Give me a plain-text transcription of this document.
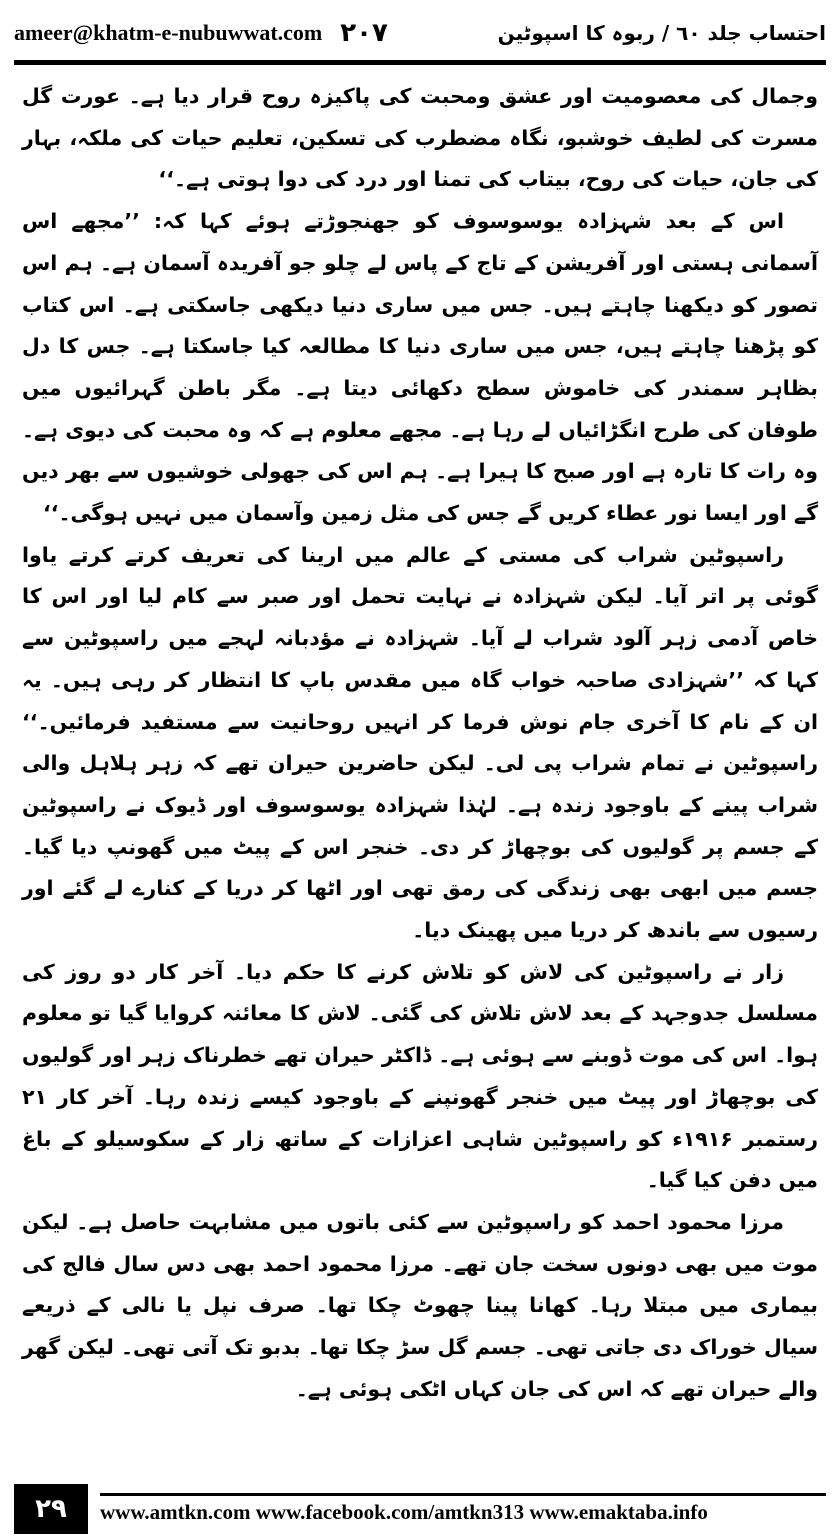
ameer@khatm-e-nubuwwat.com ۲۰۷	احتساب جلد ٦٠ / ربوہ کا اسپوٹین

وجمال کی معصومیت اور عشق ومحبت کی پاکیزہ روح قرار دیا ہے۔ عورت گل مسرت کی لطیف خوشبو، نگاہ مضطرب کی تسکین، تعلیم حیات کی ملکہ، بہار کی جان، حیات کی روح، بیتاب کی تمنا اور درد کی دوا ہوتی ہے۔‘‘

اس کے بعد شہزادہ یوسوسوف کو جھنجوڑتے ہوئے کہا کہ: ’’مجھے اس آسمانی ہستی اور آفریشن کے تاج کے پاس لے چلو جو آفریدہ آسمان ہے۔ ہم اس تصور کو دیکھنا چاہتے ہیں۔ جس میں ساری دنیا دیکھی جاسکتی ہے۔ اس کتاب کو پڑھنا چاہتے ہیں، جس میں ساری دنیا کا مطالعہ کیا جاسکتا ہے۔ جس کا دل بظاہر سمندر کی خاموش سطح دکھائی دیتا ہے۔ مگر باطن گہرائیوں میں طوفان کی طرح انگڑائیاں لے رہا ہے۔ مجھے معلوم ہے کہ وہ محبت کی دیوی ہے۔ وہ رات کا تارہ ہے اور صبح کا ہیرا ہے۔ ہم اس کی جھولی خوشیوں سے بھر دیں گے اور ایسا نور عطاء کریں گے جس کی مثل زمین وآسمان میں نہیں ہوگی۔‘‘

راسپوٹین شراب کی مستی کے عالم میں ارینا کی تعریف کرتے کرتے یاوا گوئی پر اتر آیا۔ لیکن شہزادہ نے نہایت تحمل اور صبر سے کام لیا اور اس کا خاص آدمی زہر آلود شراب لے آیا۔ شہزادہ نے مؤدبانہ لہجے میں راسپوٹین سے کہا کہ ’’شہزادی صاحبہ خواب گاہ میں مقدس باپ کا انتظار کر رہی ہیں۔ یہ ان کے نام کا آخری جام نوش فرما کر انہیں روحانیت سے مستفید فرمائیں۔‘‘ راسپوٹین نے تمام شراب پی لی۔ لیکن حاضرین حیران تھے کہ زہر ہلاہل والی شراب پینے کے باوجود زندہ ہے۔ لہٰذا شہزادہ یوسوسوف اور ڈیوک نے راسپوٹین کے جسم پر گولیوں کی بوچھاڑ کر دی۔ خنجر اس کے پیٹ میں گھونپ دیا گیا۔ جسم میں ابھی بھی زندگی کی رمق تھی اور اٹھا کر دریا کے کنارے لے گئے اور رسیوں سے باندھ کر دریا میں پھینک دیا۔

زار نے راسپوٹین کی لاش کو تلاش کرنے کا حکم دیا۔ آخر کار دو روز کی مسلسل جدوجہد کے بعد لاش تلاش کی گئی۔ لاش کا معائنہ کروایا گیا تو معلوم ہوا۔ اس کی موت ڈوبنے سے ہوئی ہے۔ ڈاکٹر حیران تھے خطرناک زہر اور گولیوں کی بوچھاڑ اور پیٹ میں خنجر گھونپنے کے باوجود کیسے زندہ رہا۔ آخر کار ۲۱ رستمبر ۱۹۱۶ء کو راسپوٹین شاہی اعزازات کے ساتھ زار کے سکوسیلو کے باغ میں دفن کیا گیا۔

مرزا محمود احمد کو راسپوٹین سے کئی باتوں میں مشابہت حاصل ہے۔ لیکن موت میں بھی دونوں سخت جان تھے۔ مرزا محمود احمد بھی دس سال فالج کی بیماری میں مبتلا رہا۔ کھانا پینا چھوٹ چکا تھا۔ صرف نپل یا نالی کے ذریعے سیال خوراک دی جاتی تھی۔ جسم گل سڑ چکا تھا۔ بدبو تک آتی تھی۔ لیکن گھر والے حیران تھے کہ اس کی جان کہاں اٹکی ہوئی ہے۔

۲۹	www.amtkn.com www.facebook.com/amtkn313 www.emaktaba.info
